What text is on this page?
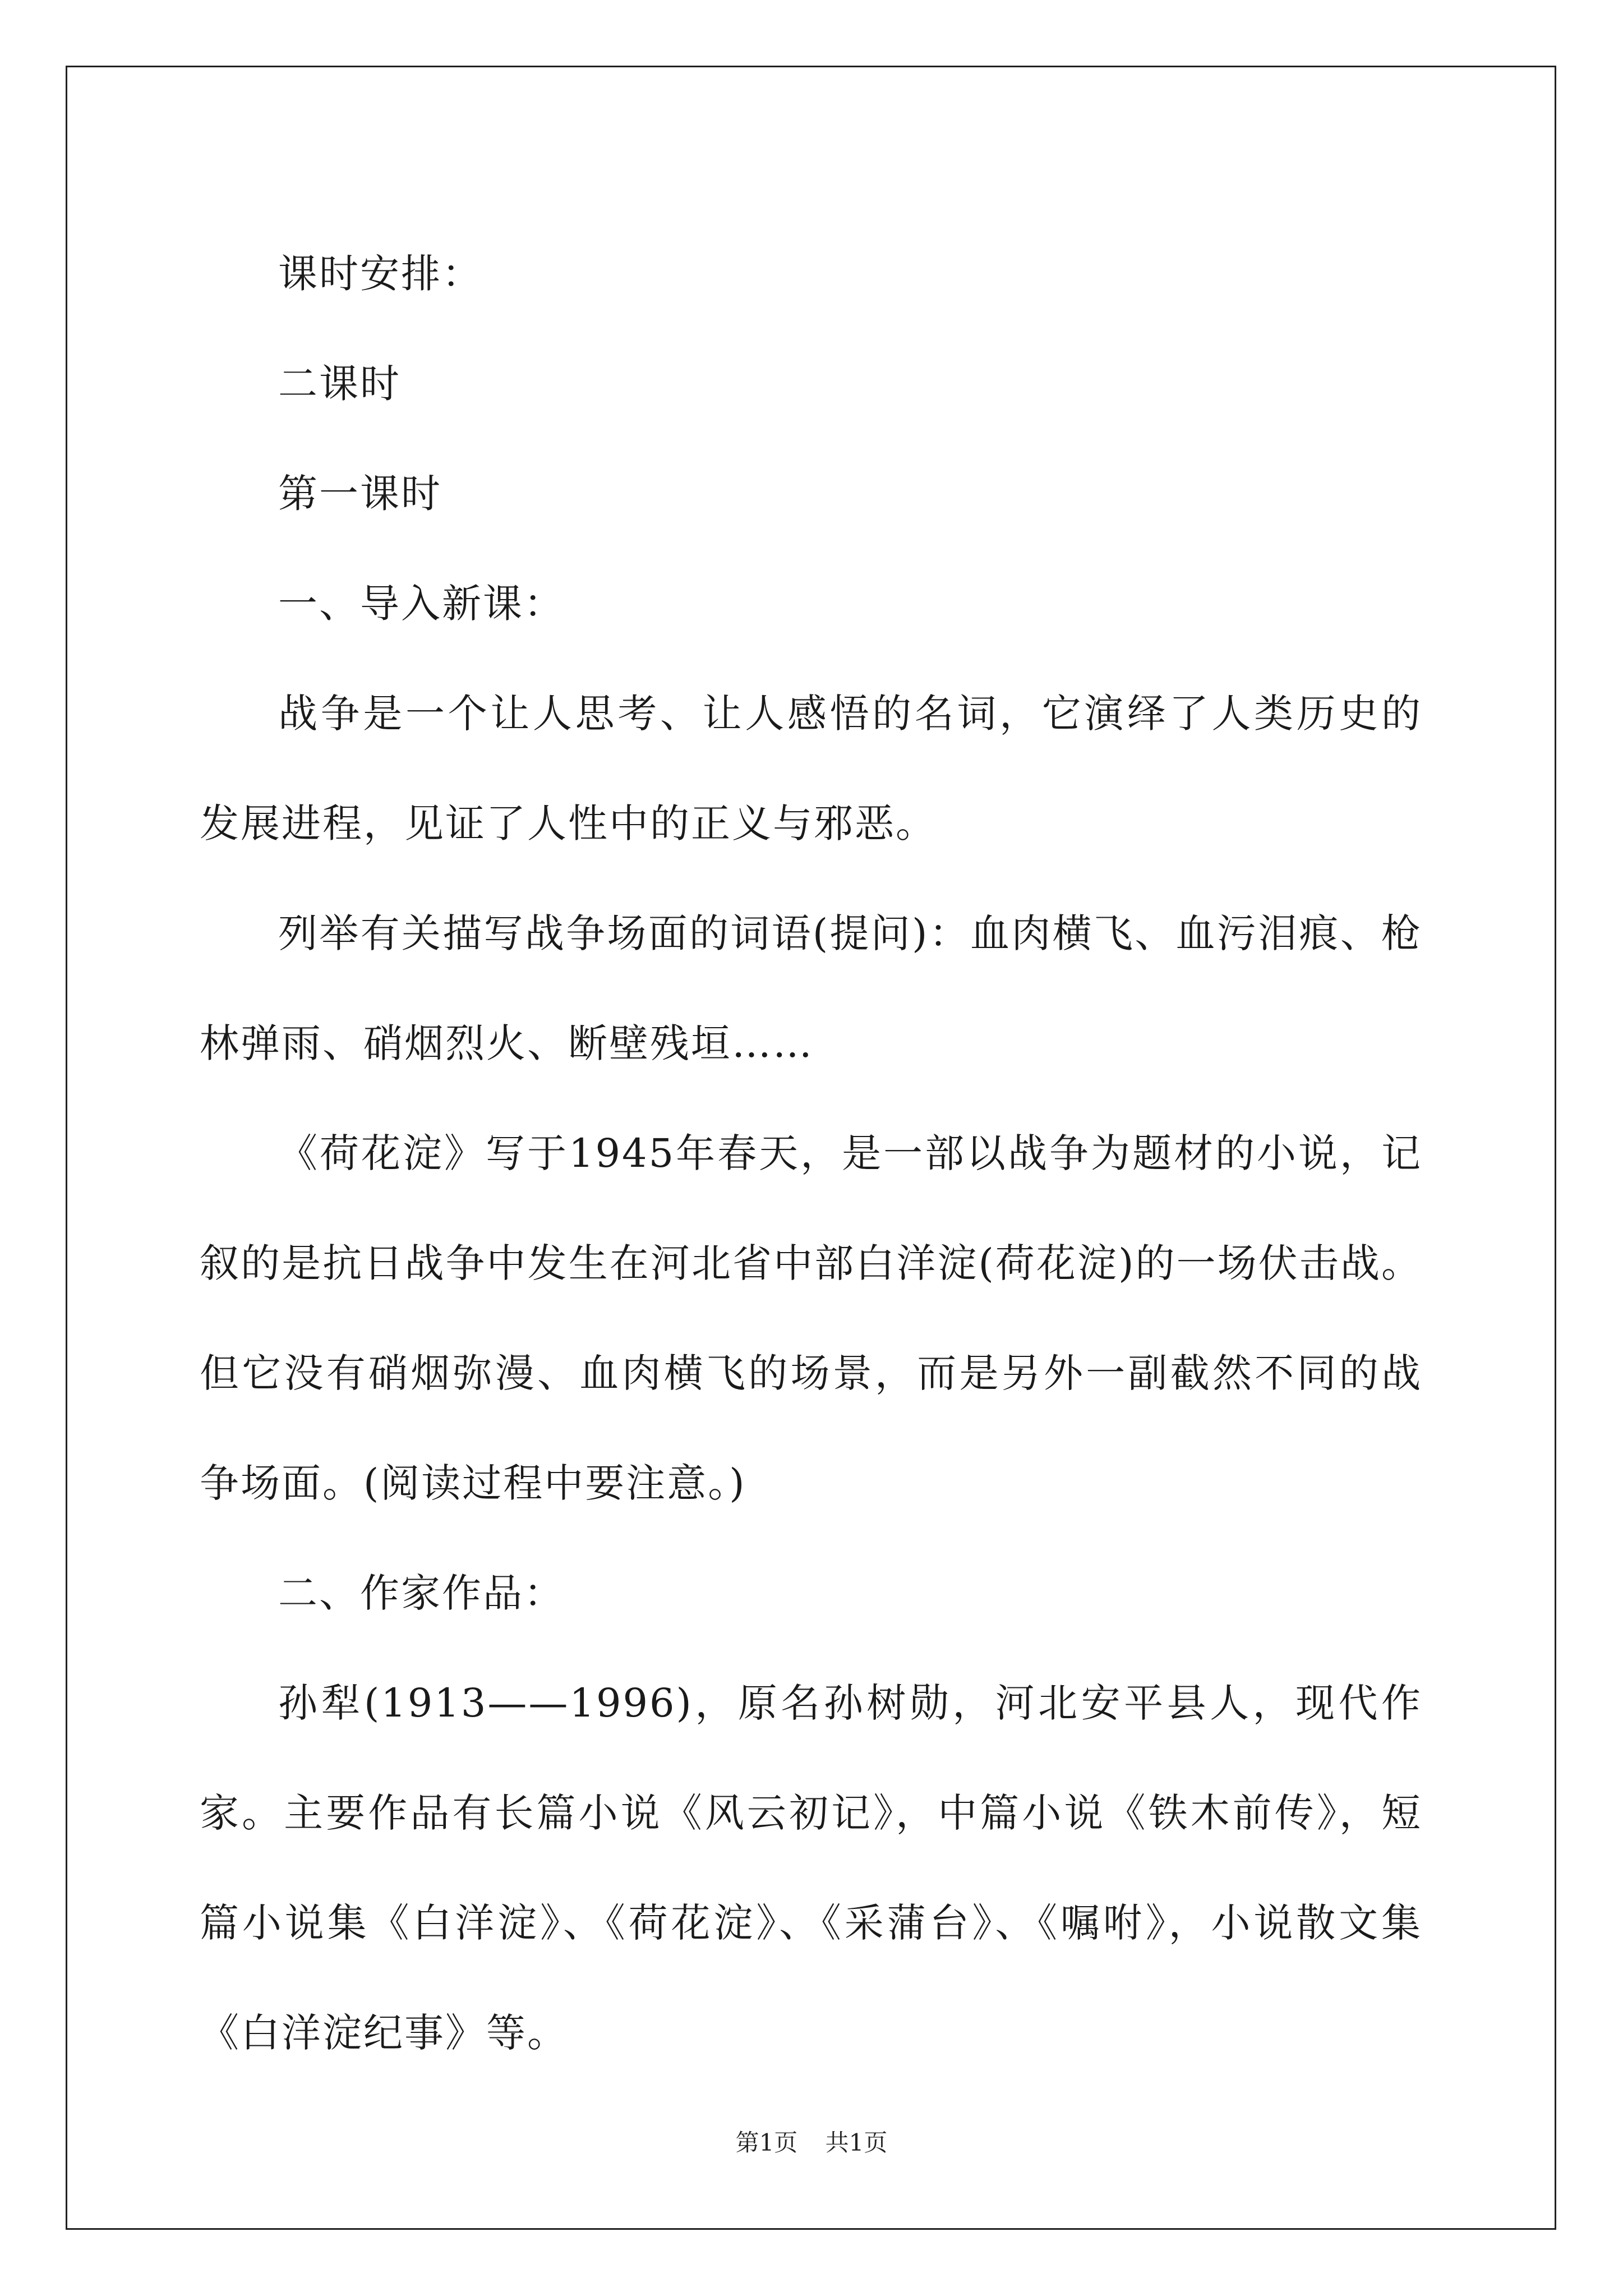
课时安排：

二课时

第一课时

一、导入新课：

战争是一个让人思考、让人感悟的名词，它演绎了人类历史的发展进程，见证了人性中的正义与邪恶。

列举有关描写战争场面的词语(提问)：血肉横飞、血污泪痕、枪林弹雨、硝烟烈火、断壁残垣……

《荷花淀》写于1945年春天，是一部以战争为题材的小说，记叙的是抗日战争中发生在河北省中部白洋淀(荷花淀)的一场伏击战。但它没有硝烟弥漫、血肉横飞的场景，而是另外一副截然不同的战争场面。(阅读过程中要注意。)

二、作家作品：

孙犁(1913——1996)，原名孙树勋，河北安平县人，现代作家。主要作品有长篇小说《风云初记》，中篇小说《铁木前传》，短篇小说集《白洋淀》、《荷花淀》、《采蒲台》、《嘱咐》，小说散文集《白洋淀纪事》等。

第1页 共1页
